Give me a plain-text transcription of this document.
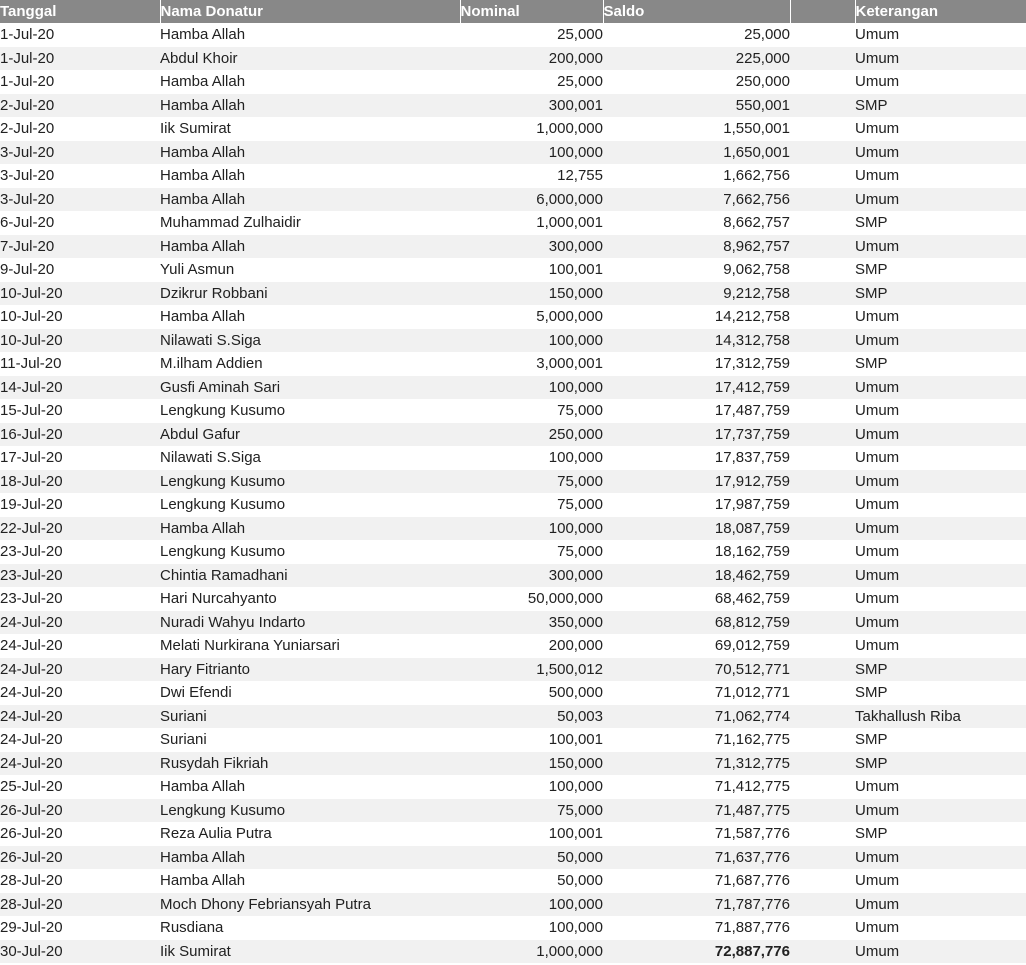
Tanggal	Nama Donatur	Nominal	Saldo		Keterangan
1-Jul-20	Hamba Allah	25,000	25,000		Umum
1-Jul-20	Abdul Khoir	200,000	225,000		Umum
1-Jul-20	Hamba Allah	25,000	250,000		Umum
2-Jul-20	Hamba Allah	300,001	550,001		SMP
2-Jul-20	Iik Sumirat	1,000,000	1,550,001		Umum
3-Jul-20	Hamba Allah	100,000	1,650,001		Umum
3-Jul-20	Hamba Allah	12,755	1,662,756		Umum
3-Jul-20	Hamba Allah	6,000,000	7,662,756		Umum
6-Jul-20	Muhammad Zulhaidir	1,000,001	8,662,757		SMP
7-Jul-20	Hamba Allah	300,000	8,962,757		Umum
9-Jul-20	Yuli Asmun	100,001	9,062,758		SMP
10-Jul-20	Dzikrur Robbani	150,000	9,212,758		SMP
10-Jul-20	Hamba Allah	5,000,000	14,212,758		Umum
10-Jul-20	Nilawati S.Siga	100,000	14,312,758		Umum
11-Jul-20	M.ilham Addien	3,000,001	17,312,759		SMP
14-Jul-20	Gusfi Aminah Sari	100,000	17,412,759		Umum
15-Jul-20	Lengkung Kusumo	75,000	17,487,759		Umum
16-Jul-20	Abdul Gafur	250,000	17,737,759		Umum
17-Jul-20	Nilawati S.Siga	100,000	17,837,759		Umum
18-Jul-20	Lengkung Kusumo	75,000	17,912,759		Umum
19-Jul-20	Lengkung Kusumo	75,000	17,987,759		Umum
22-Jul-20	Hamba Allah	100,000	18,087,759		Umum
23-Jul-20	Lengkung Kusumo	75,000	18,162,759		Umum
23-Jul-20	Chintia Ramadhani	300,000	18,462,759		Umum
23-Jul-20	Hari Nurcahyanto	50,000,000	68,462,759		Umum
24-Jul-20	Nuradi Wahyu Indarto	350,000	68,812,759		Umum
24-Jul-20	Melati Nurkirana Yuniarsari	200,000	69,012,759		Umum
24-Jul-20	Hary Fitrianto	1,500,012	70,512,771		SMP
24-Jul-20	Dwi Efendi	500,000	71,012,771		SMP
24-Jul-20	Suriani	50,003	71,062,774		Takhallush Riba
24-Jul-20	Suriani	100,001	71,162,775		SMP
24-Jul-20	Rusydah Fikriah	150,000	71,312,775		SMP
25-Jul-20	Hamba Allah	100,000	71,412,775		Umum
26-Jul-20	Lengkung Kusumo	75,000	71,487,775		Umum
26-Jul-20	Reza Aulia Putra	100,001	71,587,776		SMP
26-Jul-20	Hamba Allah	50,000	71,637,776		Umum
28-Jul-20	Hamba Allah	50,000	71,687,776		Umum
28-Jul-20	Moch Dhony Febriansyah Putra	100,000	71,787,776		Umum
29-Jul-20	Rusdiana	100,000	71,887,776		Umum
30-Jul-20	Iik Sumirat	1,000,000	72,887,776		Umum
